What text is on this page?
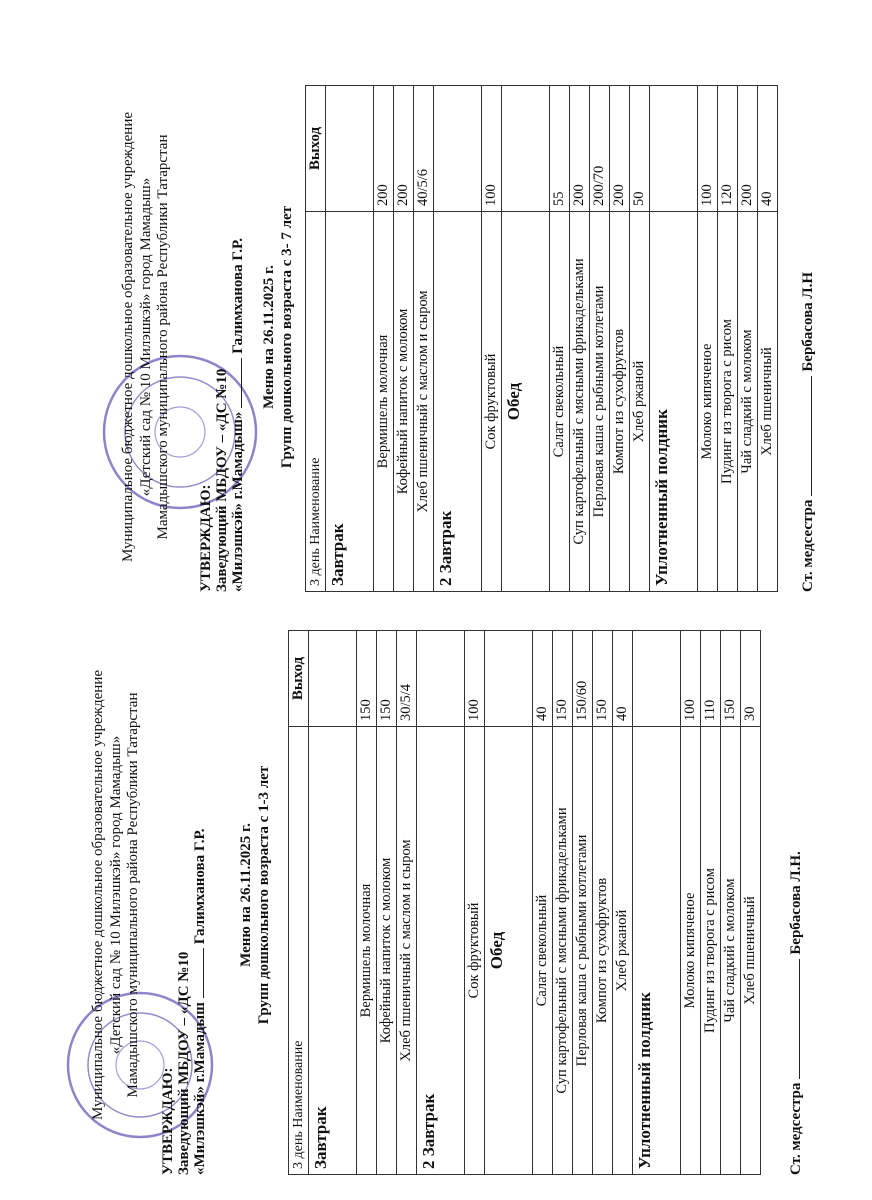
Муниципальное бюджетное дошкольное образовательное учреждение «Детский сад № 10 Милэшкэй» город Мамадыш» Мамадышского муниципального района Республики Татарстан
УТВЕРЖДАЮ: Заведующий МБДОУ – «ДС №10 «Милэшкэй» г.МамадышГалимханова Г.Р. Меню на 26.11.2025 г. Групп дошкольного возраста с 1-3 лет
3 день Наименование	Выход
Завтрак	
Вермишель молочная	150
Кофейный напиток с молоком	150
Хлеб пшеничный с маслом и сыром	30/5/4
2 Завтрак	
Сок фруктовый	100
Обед	
Салат свекольный	40
Суп картофельный с мясными фрикадельками	150
Перловая каша с рыбными котлетами	150/60
Компот из сухофруктов	150
Хлеб ржаной	40
Уплотненный полдник	
Молоко кипяченое	100
Пудинг из творога с рисом	110
Чай сладкий с молоком	150
Хлеб пшеничный	30
Ст. медсестраБербасова Л.Н.
Муниципальное бюджетное дошкольное образовательное учреждение «Детский сад № 10 Милэшкэй» город Мамадыш» Мамадышского муниципального района Республики Татарстан УТВЕРЖДАЮ: Заведующий МБДОУ – «ДС №10 «Милэшкэй» г.Мамадыш»Галимханова Г.Р. Меню на 26.11.2025 г. Групп дошкольного возраста с 3- 7 лет
3 день Наименование	Выход
Завтрак	
Вермишель молочная	200
Кофейный напиток с молоком	200
Хлеб пшеничный с маслом и сыром	40/5/6
2 Завтрак	
Сок фруктовый	100
Обед	
Салат свекольный	55
Суп картофельный с мясными фрикадельками	200
Перловая каша с рыбными котлетами	200/70
Компот из сухофруктов	200
Хлеб ржаной	50
Уплотненный полдник	
Молоко кипяченое	100
Пудинг из творога с рисом	120
Чай сладкий с молоком	200
Хлеб пшеничный	40
Ст. медсестраБербасова Л.Н
